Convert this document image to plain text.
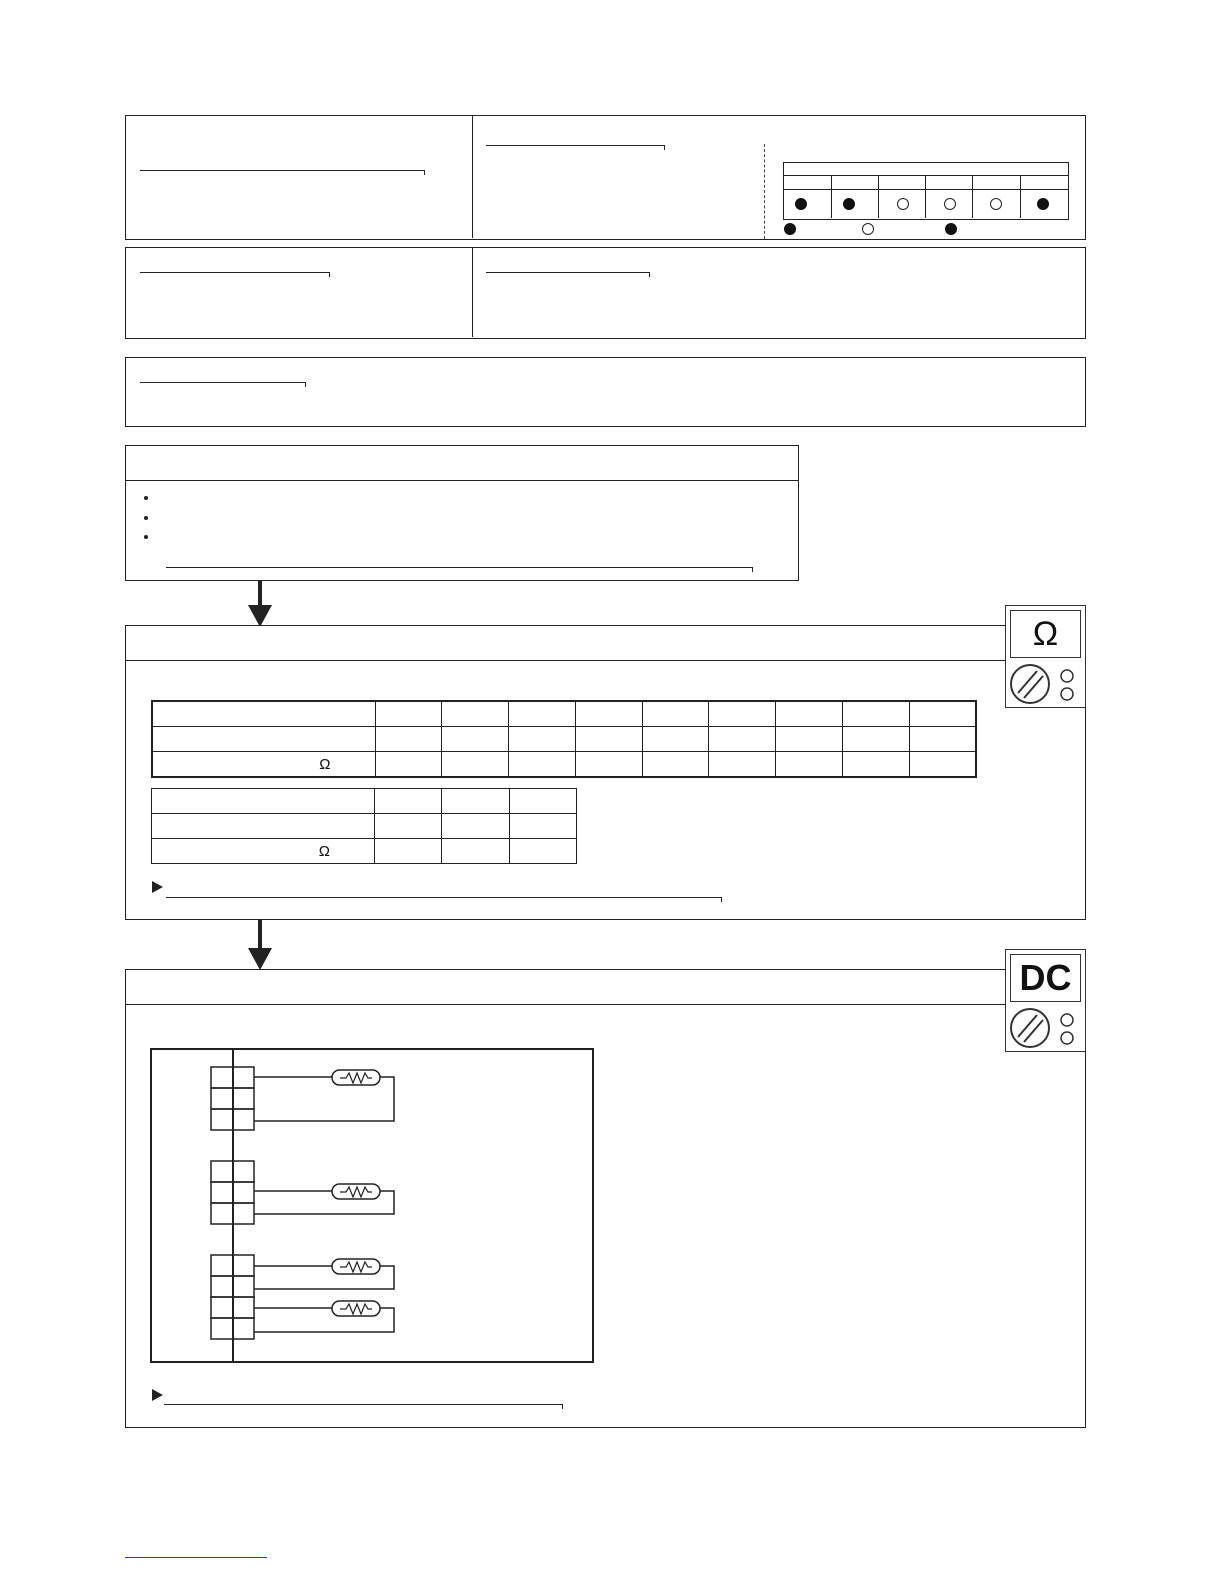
Ω									

Ω			
Ω
DC
